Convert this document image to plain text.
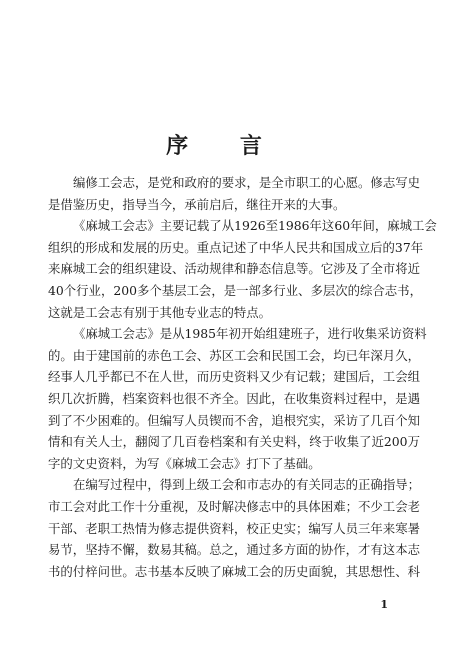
序 言
编修工会志，是党和政府的要求，是全市职工的心愿。修志写史
是借鉴历史，指导当今，承前启后，继往开来的大事。
《麻城工会志》主要记载了从1926至1986年这60年间，麻城工会
组织的形成和发展的历史。重点记述了中华人民共和国成立后的37年
来麻城工会的组织建设、活动规律和静态信息等。它涉及了全市将近
40个行业，200多个基层工会，是一部多行业、多层次的综合志书，
这就是工会志有别于其他专业志的特点。
《麻城工会志》是从1985年初开始组建班子，进行收集采访资料
的。由于建国前的赤色工会、苏区工会和民国工会，均已年深月久，
经事人几乎都已不在人世，而历史资料又少有记载；建国后，工会组
织几次折腾，档案资料也很不齐全。因此，在收集资料过程中，是遇
到了不少困难的。但编写人员锲而不舍，追根究实，采访了几百个知
情和有关人士，翻阅了几百卷档案和有关史料，终于收集了近200万
字的文史资料，为写《麻城工会志》打下了基础。
在编写过程中，得到上级工会和市志办的有关同志的正确指导；
市工会对此工作十分重视，及时解决修志中的具体困难；不少工会老
干部、老职工热情为修志提供资料，校正史实；编写人员三年来寒暑
易节，坚持不懈，数易其稿。总之，通过多方面的协作，才有这本志
书的付梓问世。志书基本反映了麻城工会的历史面貌，其思想性、科
1
